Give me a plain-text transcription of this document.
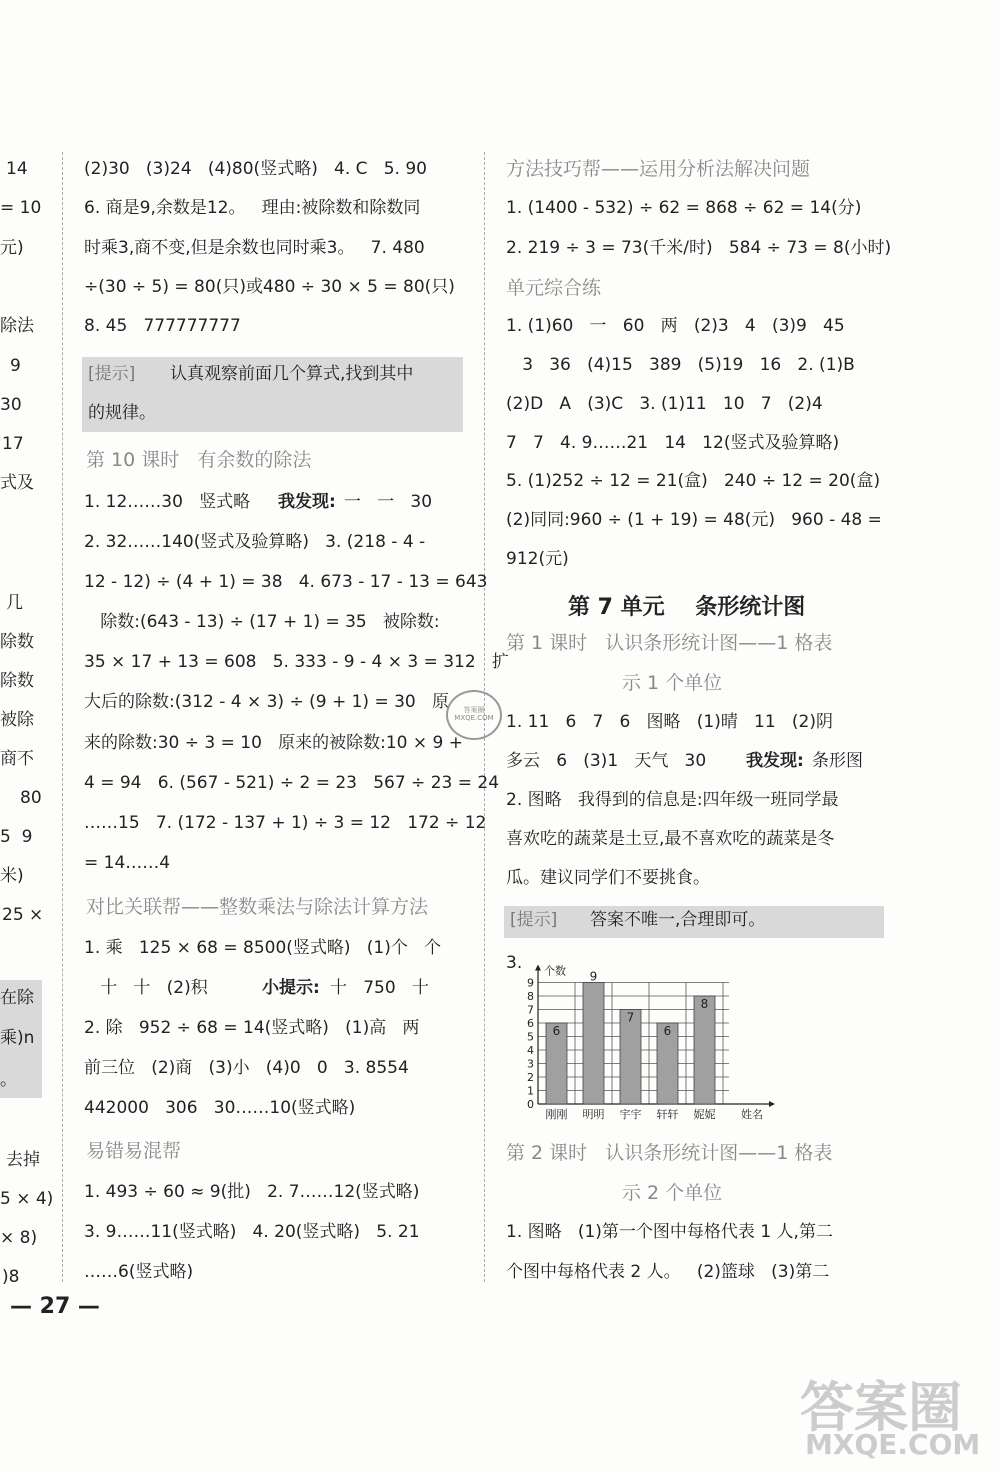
14
= 10
元)
除法
9
30
17
式及
几
除数
除数
被除
商不
80
5  9
米)
25 ×
在除
乘)n
。
去掉
5 × 4)
× 8)
)8
(2)30   (3)24   (4)80(竖式略)   4. C   5. 90
6. 商是9,余数是12。   理由:被除数和除数同
时乘3,商不变,但是余数也同时乘3。   7. 480
÷(30 ÷ 5) = 80(只)或480 ÷ 30 × 5 = 80(只)
8. 45   777777777
[提示] 认真观察前面几个算式,找到其中
的规律。
第 10 课时   有余数的除法
1. 12……30   竖式略
2. 32……140(竖式及验算略)   3. (218 - 4 -
12 - 12) ÷ (4 + 1) = 38   4. 673 - 17 - 13 = 643
除数:(643 - 13) ÷ (17 + 1) = 35   被除数:
35 × 17 + 13 = 608   5. 333 - 9 - 4 × 3 = 312   扩
大后的除数:(312 - 4 × 3) ÷ (9 + 1) = 30   原
来的除数:30 ÷ 3 = 10   原来的被除数:10 × 9 +
4 = 94   6. (567 - 521) ÷ 2 = 23   567 ÷ 23 = 24
……15   7. (172 - 137 + 1) ÷ 3 = 12   172 ÷ 12
= 14……4
我发现: 一   一   30
对比关联帮——整数乘法与除法计算方法
1. 乘   125 × 68 = 8500(竖式略)   (1)个   个
十   十   (2)积
2. 除   952 ÷ 68 = 14(竖式略)   (1)高   两
前三位   (2)商   (3)小   (4)0   0   3. 8554
442000   306   30……10(竖式略)
小提示: 十   750   十
易错易混帮
1. 493 ÷ 60 ≈ 9(批)   2. 7……12(竖式略)
3. 9……11(竖式略)   4. 20(竖式略)   5. 21
……6(竖式略)
方法技巧帮——运用分析法解决问题
1. (1400 - 532) ÷ 62 = 868 ÷ 62 = 14(分)
2. 219 ÷ 3 = 73(千米/时)   584 ÷ 73 = 8(小时)
单元综合练
1. (1)60   一   60   两   (2)3   4   (3)9   45
3   36   (4)15   389   (5)19   16   2. (1)B
(2)D   A   (3)C   3. (1)11   10   7   (2)4
7   7   4. 9……21   14   12(竖式及验算略)
5. (1)252 ÷ 12 = 21(盒)   240 ÷ 12 = 20(盒)
(2)同同:960 ÷ (1 + 19) = 48(元)   960 - 48 =
912(元)
第 7 单元    条形统计图
第 1 课时   认识条形统计图——1 格表
示 1 个单位
1. 11   6   7   6   图略   (1)晴   11   (2)阴
多云   6   (3)1   天气   30
2. 图略   我得到的信息是:四年级一班同学最
喜欢吃的蔬菜是土豆,最不喜欢吃的蔬菜是冬
瓜。建议同学们不要挑食。
我发现: 条形图
[提示] 答案不唯一,合理即可。
3.
0
1
2
3
4
5
6
7
8
9
个数
姓名
6
刚刚
9
明明
7
宇宇
6
轩轩
8
妮妮
第 2 课时   认识条形统计图——1 格表
示 2 个单位
1. 图略   (1)第一个图中每格代表 1 人,第二
个图中每格代表 2 人。   (2)篮球   (3)第二
— 27 —
答案圈 MXQE.COM
答案圈
MXQE.COM
